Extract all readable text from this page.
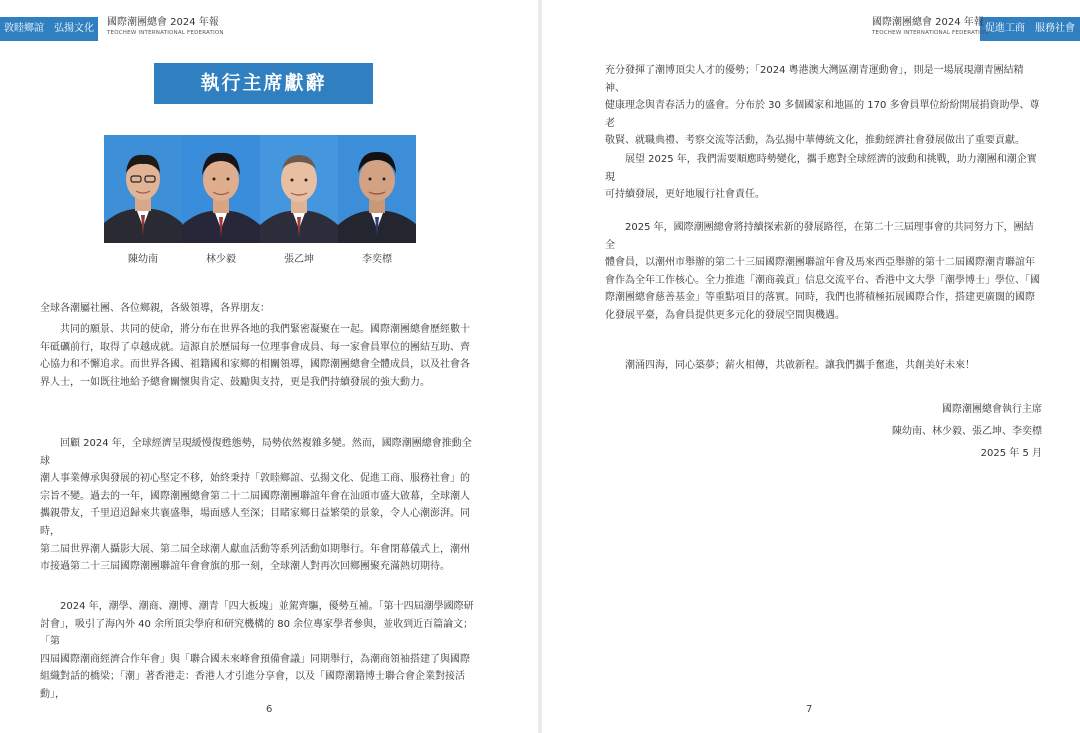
敦睦鄉誼　弘揚文化
國際潮團總會 2024 年報
TEOCHEW INTERNATIONAL FEDERATION
執行主席獻辭
陳幼南	林少毅	張乙坤	李奕標

全球各潮屬社團、各位鄉親，各級領導，各界朋友：

共同的願景、共同的使命，將分布在世界各地的我們緊密凝聚在一起。國際潮團總會歷經數十

年砥礪前行，取得了卓越成就。這源自於歷屆每一位理事會成員、每一家會員單位的團結互助、齊

心協力和不懈追求。而世界各國、祖籍國和家鄉的相關領導，國際潮團總會全體成員，以及社會各

界人士，一如既往地給予總會關懷與肯定、鼓勵與支持，更是我們持續發展的強大動力。

回顧 2024 年，全球經濟呈現緩慢復甦態勢，局勢依然複雜多變。然而，國際潮團總會推動全球

潮人事業傳承與發展的初心堅定不移，始終秉持「敦睦鄉誼、弘揚文化、促進工商、服務社會」的

宗旨不變。過去的一年，國際潮團總會第二十二屆國際潮團聯誼年會在汕頭市盛大啟幕，全球潮人

攜親帶友，千里迢迢歸來共襄盛舉，場面感人至深；目睹家鄉日益繁榮的景象，令人心潮澎湃。同時，

第二屆世界潮人攝影大展、第二屆全球潮人獻血活動等系列活動如期舉行。年會閉幕儀式上，潮州

市接過第二十三屆國際潮團聯誼年會會旗的那一刻，全球潮人對再次回鄉團聚充滿熱切期待。

2024 年，潮學、潮商、潮博、潮青「四大板塊」並駕齊驅，優勢互補。「第十四屆潮學國際研

討會」，吸引了海內外 40 余所頂尖學府和研究機構的 80 余位專家學者參與，並收到近百篇論文；「第

四屆國際潮商經濟合作年會」與「聯合國未來峰會預備會議」同期舉行，為潮商領袖搭建了與國際

組織對話的橋梁；「潮」著香港走：香港人才引進分享會，以及「國際潮籍博士聯合會企業對接活動」，

6
促進工商　服務社會
國際潮團總會 2024 年報
TEOCHEW INTERNATIONAL FEDERATION

充分發揮了潮博頂尖人才的優勢；「2024 粵港澳大灣區潮青運動會」，則是一場展現潮青團結精神、

健康理念與青春活力的盛會。分布於 30 多個國家和地區的 170 多會員單位紛紛開展捐資助學、尊老

敬賢、就職典禮、考察交流等活動，為弘揚中華傳統文化，推動經濟社會發展做出了重要貢獻。

展望 2025 年，我們需要順應時勢變化，攜手應對全球經濟的波動和挑戰，助力潮團和潮企實現

可持續發展，更好地履行社會責任。

2025 年，國際潮團總會將持續探索新的發展路徑，在第二十三屆理事會的共同努力下，團結全

體會員，以潮州市舉辦的第二十三屆國際潮團聯誼年會及馬來西亞舉辦的第十二屆國際潮青聯誼年

會作為全年工作核心。全力推進「潮商義貢」信息交流平台、香港中文大學「潮學博士」學位、「國

際潮團總會慈善基金」等重點項目的落實。同時，我們也將積極拓展國際合作，搭建更廣闊的國際

化發展平臺，為會員提供更多元化的發展空間與機遇。

潮涌四海，同心築夢；薪火相傳，共啟新程。讓我們攜手奮進，共創美好未來！

國際潮團總會執行主席
陳幼南、林少毅、張乙坤、李奕標
2025 年 5 月
7
